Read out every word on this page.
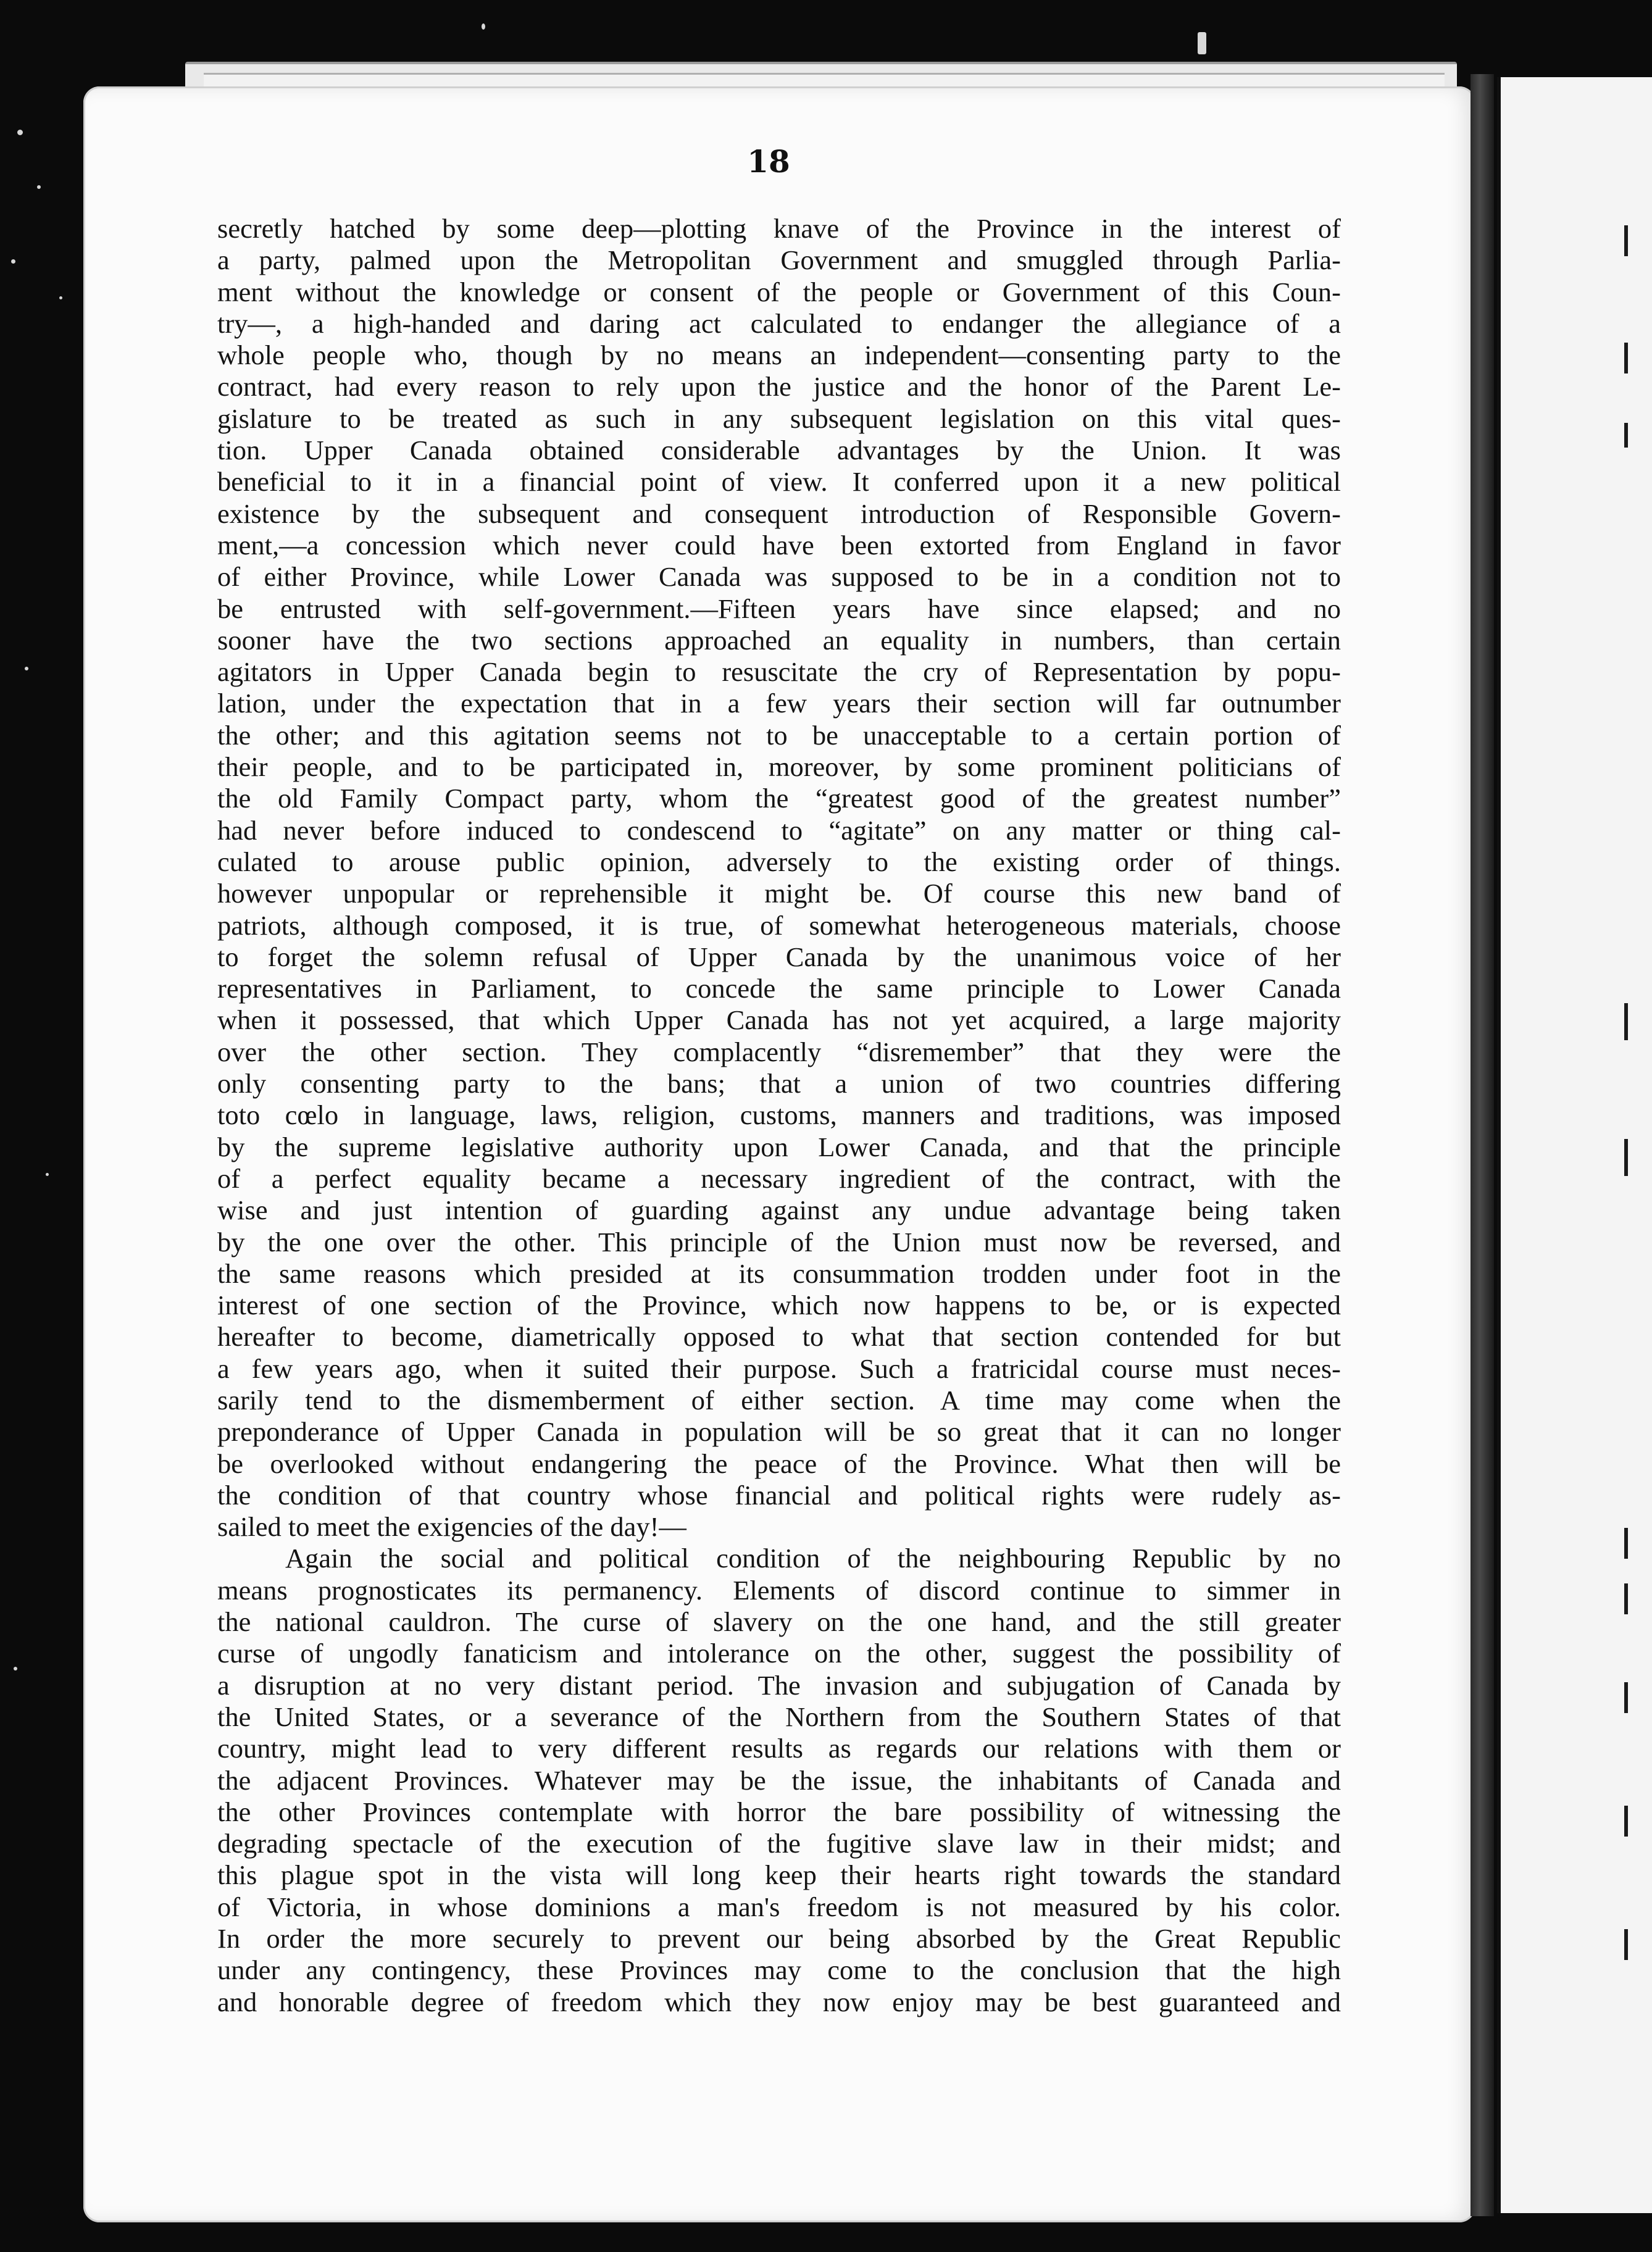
18
secretly hatched by some deep—plotting knave of the Province in the interest of
a party, palmed upon the Metropolitan Government and smuggled through Parlia-
ment without the knowledge or consent of the people or Government of this Coun-
try—, a high-handed and daring act calculated to endanger the allegiance of a
whole people who, though by no means an independent—consenting party to the
contract, had every reason to rely upon the justice and the honor of the Parent Le-
gislature to be treated as such in any subsequent legislation on this vital ques-
tion. Upper Canada obtained considerable advantages by the Union. It was
beneficial to it in a financial point of view. It conferred upon it a new political
existence by the subsequent and consequent introduction of Responsible Govern-
ment,—a concession which never could have been extorted from England in favor
of either Province, while Lower Canada was supposed to be in a condition not to
be entrusted with self-government.—Fifteen years have since elapsed; and no
sooner have the two sections approached an equality in numbers, than certain
agitators in Upper Canada begin to resuscitate the cry of Representation by popu-
lation, under the expectation that in a few years their section will far outnumber
the other; and this agitation seems not to be unacceptable to a certain portion of
their people, and to be participated in, moreover, by some prominent politicians of
the old Family Compact party, whom the “greatest good of the greatest number”
had never before induced to condescend to “agitate” on any matter or thing cal-
culated to arouse public opinion, adversely to the existing order of things.
however unpopular or reprehensible it might be. Of course this new band of
patriots, although composed, it is true, of somewhat heterogeneous materials, choose
to forget the solemn refusal of Upper Canada by the unanimous voice of her
representatives in Parliament, to concede the same principle to Lower Canada
when it possessed, that which Upper Canada has not yet acquired, a large majority
over the other section. They complacently “disremember” that they were the
only consenting party to the bans; that a union of two countries differing
toto cœlo in language, laws, religion, customs, manners and traditions, was imposed
by the supreme legislative authority upon Lower Canada, and that the principle
of a perfect equality became a necessary ingredient of the contract, with the
wise and just intention of guarding against any undue advantage being taken
by the one over the other. This principle of the Union must now be reversed, and
the same reasons which presided at its consummation trodden under foot in the
interest of one section of the Province, which now happens to be, or is expected
hereafter to become, diametrically opposed to what that section contended for but
a few years ago, when it suited their purpose. Such a fratricidal course must neces-
sarily tend to the dismemberment of either section. A time may come when the
preponderance of Upper Canada in population will be so great that it can no longer
be overlooked without endangering the peace of the Province. What then will be
the condition of that country whose financial and political rights were rudely as-
sailed to meet the exigencies of the day!—
Again the social and political condition of the neighbouring Republic by no
means prognosticates its permanency. Elements of discord continue to simmer in
the national cauldron. The curse of slavery on the one hand, and the still greater
curse of ungodly fanaticism and intolerance on the other, suggest the possibility of
a disruption at no very distant period. The invasion and subjugation of Canada by
the United States, or a severance of the Northern from the Southern States of that
country, might lead to very different results as regards our relations with them or
the adjacent Provinces. Whatever may be the issue, the inhabitants of Canada and
the other Provinces contemplate with horror the bare possibility of witnessing the
degrading spectacle of the execution of the fugitive slave law in their midst; and
this plague spot in the vista will long keep their hearts right towards the standard
of Victoria, in whose dominions a man's freedom is not measured by his color.
In order the more securely to prevent our being absorbed by the Great Republic
under any contingency, these Provinces may come to the conclusion that the high
and honorable degree of freedom which they now enjoy may be best guaranteed and
